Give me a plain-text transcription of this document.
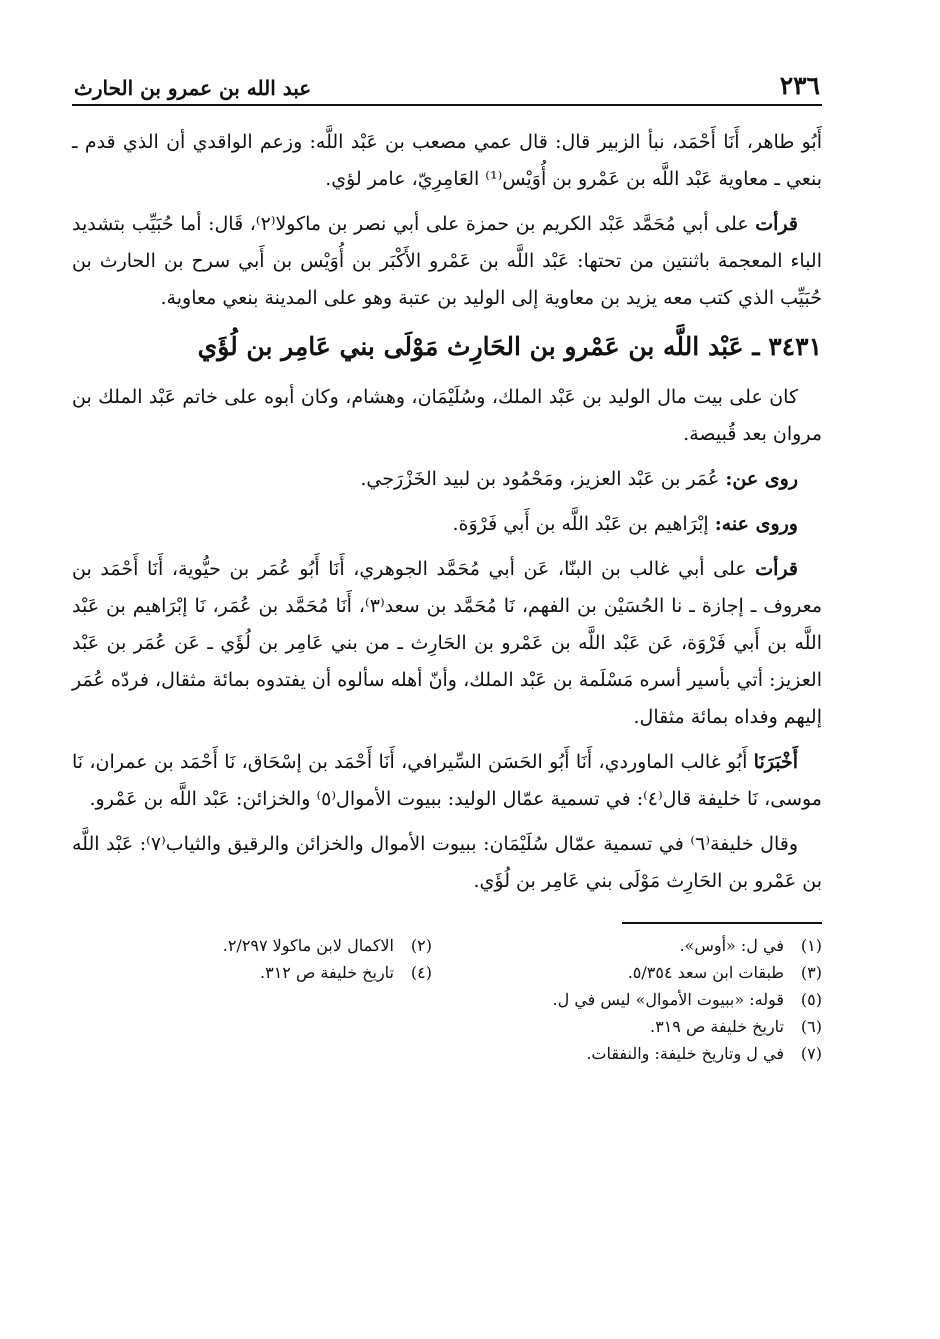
٢٣٦
عبد الله بن عمرو بن الحارث

أَبُو طاهر، أَنَا أَحْمَد، نبأ الزبير قال: قال عمي مصعب بن عَبْد اللَّه: وزعم الواقدي أن الذي قدم ـ بنعي ـ معاوية عَبْد اللَّه بن عَمْرو بن أُوَيْس⁽¹⁾ العَامِرِيّ، عامر لؤي.

قرأت على أبي مُحَمَّد عَبْد الكريم بن حمزة على أبي نصر بن ماكولا⁽٢⁾، قَال: أما حُبَيِّب بتشديد الباء المعجمة باثنتين من تحتها: عَبْد اللَّه بن عَمْرو الأَكْبَر بن أُوَيْس بن أَبي سرح بن الحارث بن حُبَيِّب الذي كتب معه يزيد بن معاوية إلى الوليد بن عتبة وهو على المدينة بنعي معاوية.

٣٤٣١ ـ عَبْد اللَّه بن عَمْرو بن الحَارِث مَوْلَى بني عَامِر بن لُؤَي

كان على بيت مال الوليد بن عَبْد الملك، وسُلَيْمَان، وهشام، وكان أبوه على خاتم عَبْد الملك بن مروان بعد قُبيصة.

روى عن: عُمَر بن عَبْد العزيز، ومَحْمُود بن لبيد الخَزْرَجي.

وروى عنه: إبْرَاهيم بن عَبْد اللَّه بن أَبي فَرْوَة.

قرأت على أبي غالب بن البنّا، عَن أبي مُحَمَّد الجوهري، أَنَا أَبُو عُمَر بن حيُّوية، أَنَا أَحْمَد بن معروف ـ إجازة ـ نا الحُسَيْن بن الفهم، نَا مُحَمَّد بن سعد⁽٣⁾، أَنَا مُحَمَّد بن عُمَر، نَا إبْرَاهيم بن عَبْد اللَّه بن أَبي فَرْوَة، عَن عَبْد اللَّه بن عَمْرو بن الحَارِث ـ من بني عَامِر بن لُؤَي ـ عَن عُمَر بن عَبْد العزيز: أتي بأسير أسره مَسْلَمة بن عَبْد الملك، وأنّ أهله سألوه أن يفتدوه بمائة مثقال، فردّه عُمَر إليهم وفداه بمائة مثقال.

أَخْبَرَنَا أَبُو غالب الماوردي، أَنَا أَبُو الحَسَن السِّيرافي، أَنَا أَحْمَد بن إسْحَاق، نَا أَحْمَد بن عمران، نَا موسى، نَا خليفة قال⁽٤⁾: في تسمية عمّال الوليد: ببيوت الأموال⁽٥⁾ والخزائن: عَبْد اللَّه بن عَمْرو.

وقال خليفة⁽٦⁾ في تسمية عمّال سُلَيْمَان: ببيوت الأموال والخزائن والرقيق والثياب⁽٧⁾: عَبْد اللَّه بن عَمْرو بن الحَارِث مَوْلَى بني عَامِر بن لُؤَي.

(١)في ل: «أوس».
(٢)الاكمال لابن ماكولا ٢/٢٩٧.
(٣)طبقات ابن سعد ٥/٣٥٤.
(٤)تاريخ خليفة ص ٣١٢.
(٥)قوله: «ببيوت الأموال» ليس في ل.
(٦)تاريخ خليفة ص ٣١٩.
(٧)في ل وتاريخ خليفة: والنفقات.
